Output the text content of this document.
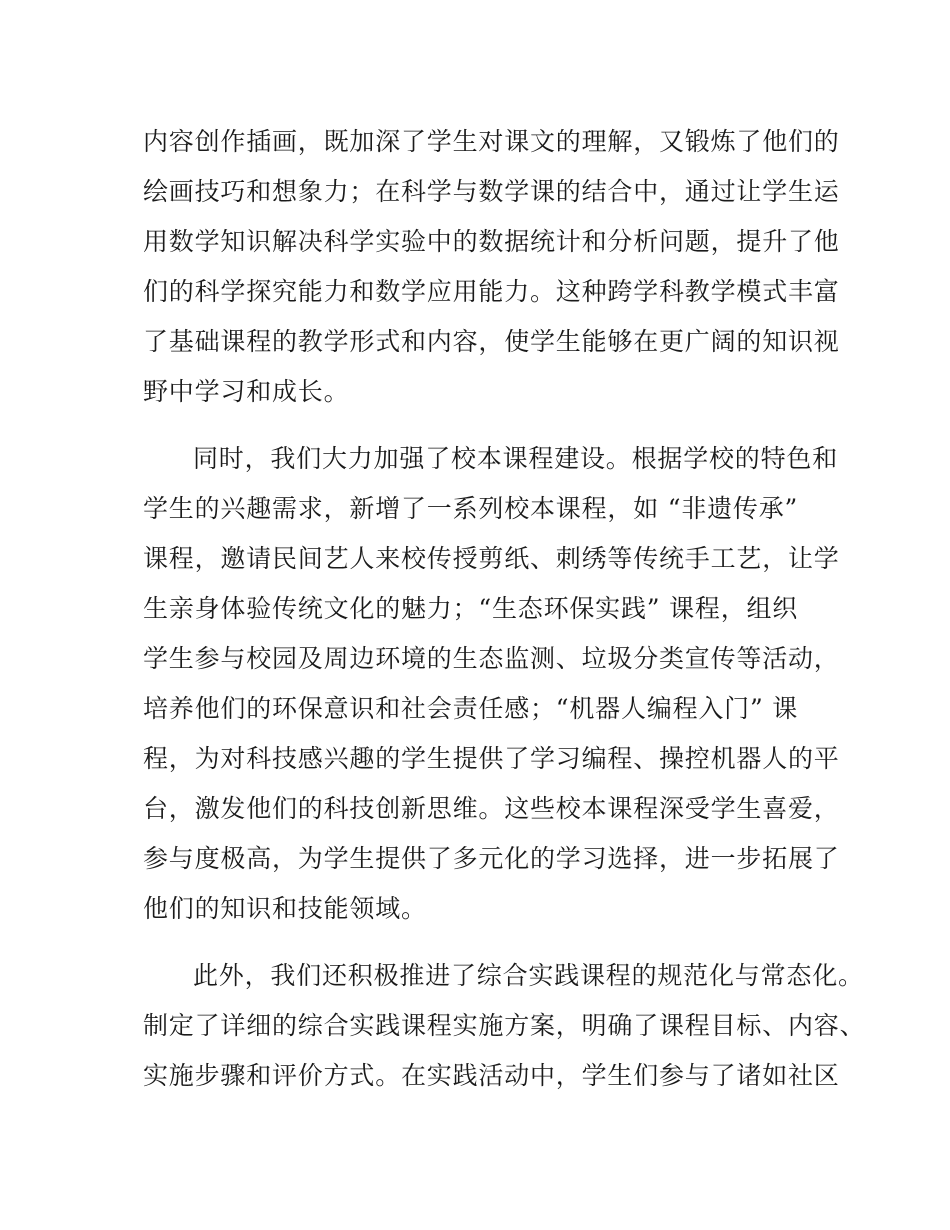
内容创作插画，既加深了学生对课文的理解，又锻炼了他们的

绘画技巧和想象力；在科学与数学课的结合中，通过让学生运

用数学知识解决科学实验中的数据统计和分析问题，提升了他

们的科学探究能力和数学应用能力。这种跨学科教学模式丰富

了基础课程的教学形式和内容，使学生能够在更广阔的知识视

野中学习和成长。

同时，我们大力加强了校本课程建设。根据学校的特色和

学生的兴趣需求，新增了一系列校本课程，如 “非遗传承”

课程，邀请民间艺人来校传授剪纸、刺绣等传统手工艺，让学

生亲身体验传统文化的魅力；“生态环保实践” 课程，组织

学生参与校园及周边环境的生态监测、垃圾分类宣传等活动，

培养他们的环保意识和社会责任感；“机器人编程入门” 课

程，为对科技感兴趣的学生提供了学习编程、操控机器人的平

台，激发他们的科技创新思维。这些校本课程深受学生喜爱，

参与度极高，为学生提供了多元化的学习选择，进一步拓展了

他们的知识和技能领域。

此外，我们还积极推进了综合实践课程的规范化与常态化。

制定了详细的综合实践课程实施方案，明确了课程目标、内容、

实施步骤和评价方式。在实践活动中，学生们参与了诸如社区
